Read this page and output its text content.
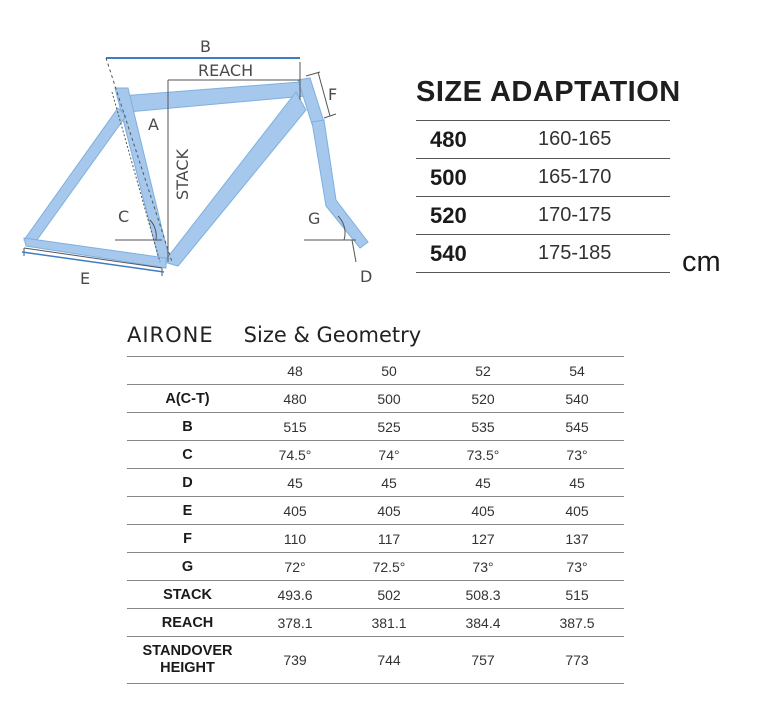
B
REACH
F
A
STACK
C	G
E	D
SIZE ADAPTATION
480	160-165
500	165-170
520	170-175
540	175-185 cm
AIRONE Size & Geometry
	48	50	52	54
A(C-T)	480	500	520	540
B	515	525	535	545
C	74.5°	74°	73.5°	73°
D	45	45	45	45
E	405	405	405	405
F	110	117	127	137
G	72°	72.5°	73°	73°
STACK	493.6	502	508.3	515
REACH	378.1	381.1	384.4	387.5
STANDOVER
HEIGHT	739	744	757	773
